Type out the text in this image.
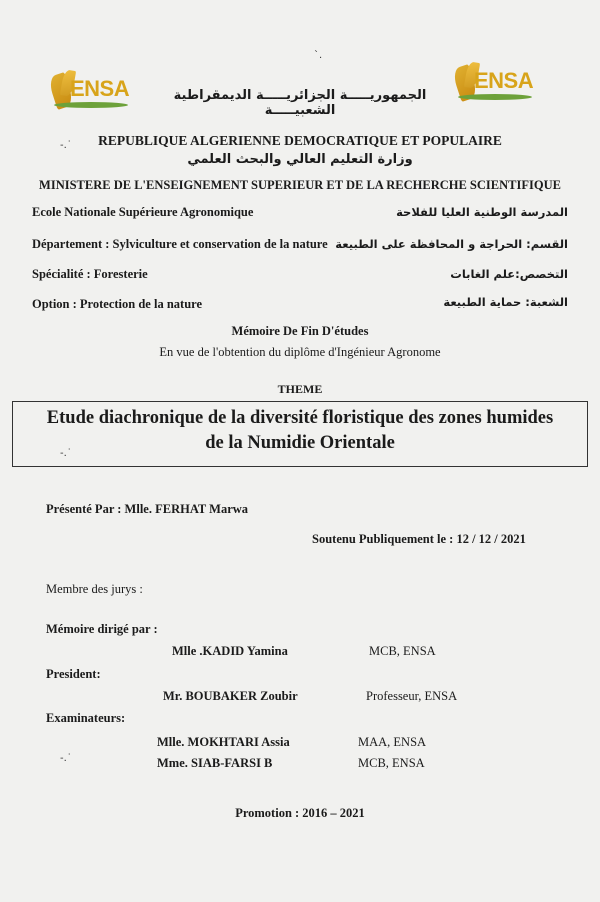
ENSA	ENSA
الجمهوريـــــة الجزائريـــــة الديمقراطية الشعبيـــــة
REPUBLIQUE ALGERIENNE DEMOCRATIQUE ET POPULAIRE
وزارة التعليم العالي والبحث العلمي
MINISTERE DE L'ENSEIGNEMENT SUPERIEUR ET DE LA RECHERCHE SCIENTIFIQUE
Ecole Nationale Supérieure Agronomique	المدرسة الوطنية العليا للفلاحة
Département : Sylviculture et conservation de la nature القسم: الحراجة و المحافظة على الطبيعة
Spécialité : Foresterie	التخصص:علم الغابات
Option : Protection de la nature	الشعبة: حماية الطبيعة
Mémoire De Fin D'études
En vue de l'obtention du diplôme d'Ingénieur Agronome
THEME
Etude diachronique de la diversité floristique des zones humides
de la Numidie Orientale
Présenté Par : Mlle. FERHAT Marwa
Soutenu Publiquement le : 12 / 12 / 2021
Membre des jurys :
Mémoire dirigé par :
Mlle .KADID Yamina	MCB, ENSA
President:
Mr. BOUBAKER Zoubir	Professeur, ENSA
Examinateurs:
Mlle. MOKHTARI Assia	MAA, ENSA
Mme. SIAB-FARSI B	MCB, ENSA
Promotion : 2016 – 2021
-.˙
-.˙
-.˙
ˋ.
